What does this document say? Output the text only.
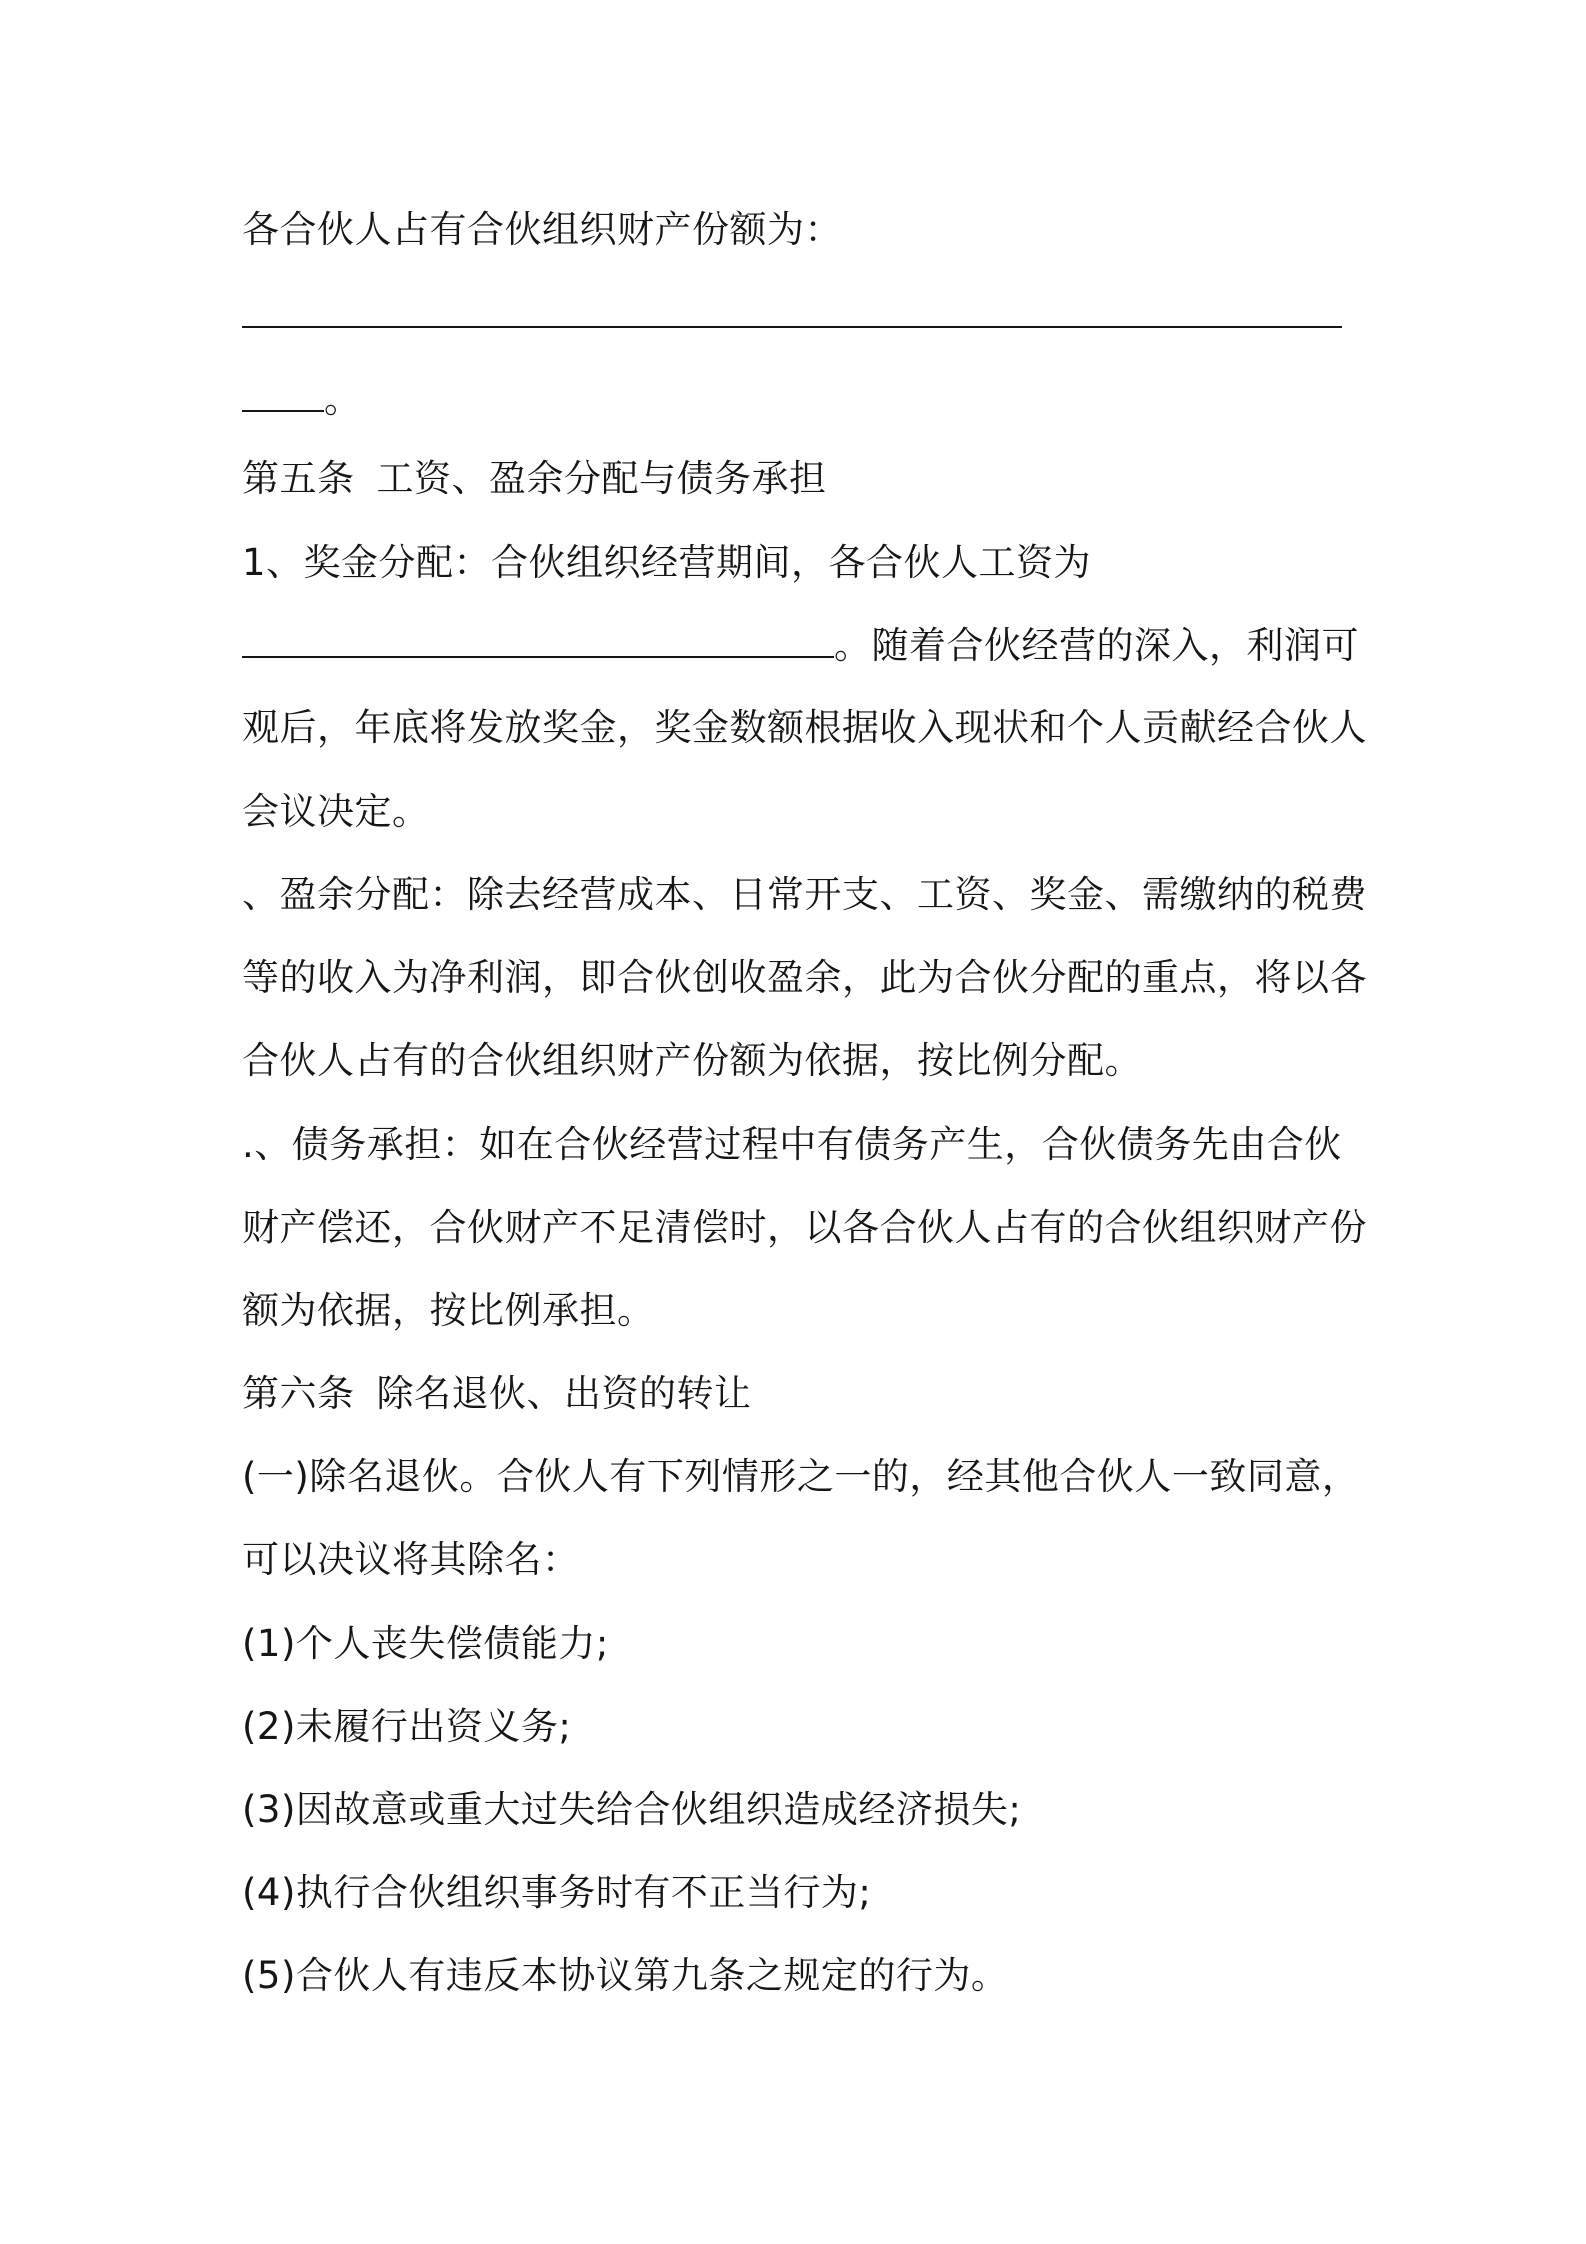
各合伙人占有合伙组织财产份额为：
。
第五条 工资、盈余分配与债务承担
1、奖金分配：合伙组织经营期间，各合伙人工资为
。随着合伙经营的深入，利润可
观后，年底将发放奖金，奖金数额根据收入现状和个人贡献经合伙人
会议决定。
、盈余分配：除去经营成本、日常开支、工资、奖金、需缴纳的税费
等的收入为净利润，即合伙创收盈余，此为合伙分配的重点，将以各
合伙人占有的合伙组织财产份额为依据，按比例分配。
.、债务承担：如在合伙经营过程中有债务产生，合伙债务先由合伙
财产偿还，合伙财产不足清偿时，以各合伙人占有的合伙组织财产份
额为依据，按比例承担。
第六条 除名退伙、出资的转让
(一)除名退伙。合伙人有下列情形之一的，经其他合伙人一致同意，
可以决议将其除名：
(1)个人丧失偿债能力;
(2)未履行出资义务;
(3)因故意或重大过失给合伙组织造成经济损失;
(4)执行合伙组织事务时有不正当行为;
(5)合伙人有违反本协议第九条之规定的行为。
